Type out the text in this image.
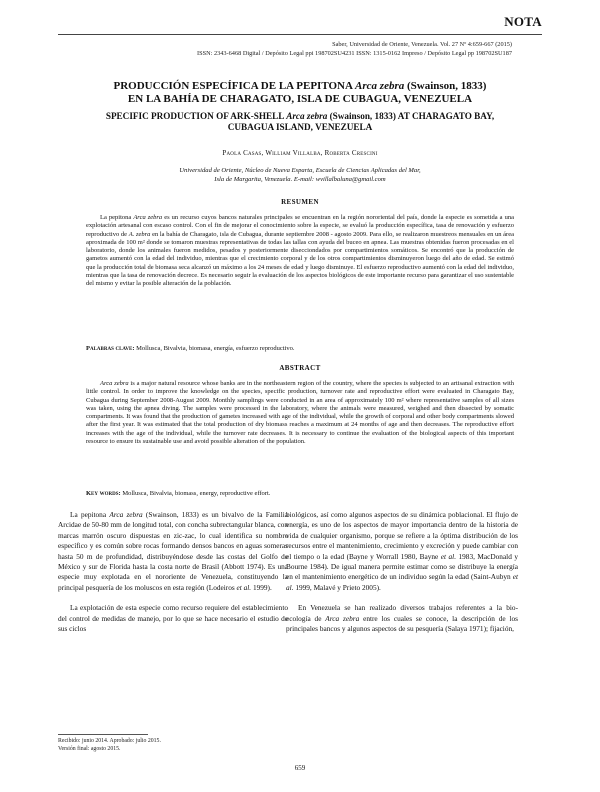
NOTA
Saber, Universidad de Oriente, Venezuela. Vol. 27 Nº 4:659-667 (2015)
ISSN: 2343-6468 Digital / Depósito Legal ppi 198702SU4231 ISSN: 1315-0162 Impreso / Depósito Legal pp 198702SU187
PRODUCCIÓN ESPECÍFICA DE LA PEPITONA Arca zebra (Swainson, 1833)
EN LA BAHÍA DE CHARAGATO, ISLA DE CUBAGUA, VENEZUELA
SPECIFIC PRODUCTION OF ARK-SHELL Arca zebra (Swainson, 1833) AT CHARAGATO BAY, CUBAGUA ISLAND, VENEZUELA
Paola Casas, William Villalba, Roberta Crescini
Universidad de Oriente, Núcleo de Nueva Esparta, Escuela de Ciencias Aplicadas del Mar,
Isla de Margarita, Venezuela. E-mail: wvillalbaluna@gmail.com
RESUMEN
La pepitona Arca zebra es un recurso cuyos bancos naturales principales se encuentran en la región nororiental del país, donde la especie es sometida a una explotación artesanal con escaso control. Con el fin de mejorar el conocimiento sobre la especie, se evaluó la producción específica, tasa de renovación y esfuerzo reproductivo de A. zebra en la bahía de Charagato, isla de Cubagua, durante septiembre 2008 - agosto 2009. Para ello, se realizaron muestreos mensuales en un área aproximada de 100 m² donde se tomaron muestras representativas de todas las tallas con ayuda del buceo en apnea. Las muestras obtenidas fueron procesadas en el laboratorio, donde los animales fueron medidos, pesados y posteriormente disecciondados por compartimientos somáticos. Se encontró que la producción de gametos aumentó con la edad del individuo, mientras que el crecimiento corporal y de los otros compartimientos disminuyeron luego del año de edad. Se estimó que la producción total de biomasa seca alcanzó un máximo a los 24 meses de edad y luego disminuye. El esfuerzo reproductivo aumentó con la edad del individuo, mientras que la tasa de renovación decrece. Es necesario seguir la evaluación de los aspectos biológicos de este importante recurso para garantizar el uso sustentable del mismo y evitar la posible alteración de la población.
Palabras clave: Mollusca, Bivalvia, biomasa, energía, esfuerzo reproductivo.
ABSTRACT
Arca zebra is a major natural resource whose banks are in the northeastern region of the country, where the species is subjected to an artisanal extraction with little control. In order to improve the knowledge on the species, specific production, turnover rate and reproductive effort were evaluated in Charagato Bay, Cubagua during September 2008-August 2009. Monthly samplings were conducted in an area of approximately 100 m² where representative samples of all sizes was taken, using the apnea diving. The samples were processed in the laboratory, where the animals were measured, weighed and then dissected by somatic compartments. It was found that the production of gametes increased with age of the individual, while the growth of corporal and other body compartments slowed after the first year. It was estimated that the total production of dry biomass reaches a maximum at 24 months of age and then decreases. The reproductive effort increases with the age of the individual, while the turnover rate decreases. It is necessary to continue the evaluation of the biological aspects of this important resource to ensure its sustainable use and avoid possible alteration of the population.
Key words: Mollusca, Bivalvia, biomass, energy, reproductive effort.

La pepitona Arca zebra (Swainson, 1833) es un bivalvo de la Familia Arcidae de 50-80 mm de longitud total, con concha subrectangular blanca, con marcas marrón oscuro dispuestas en zic-zac, lo cual identifica su nombre específico y es común sobre rocas formando densos bancos en aguas someras hasta 50 m de profundidad, distribuyéndose desde las costas del Golfo de México y sur de Florida hasta la costa norte de Brasil (Abbott 1974). Es una especie muy explotada en el nororiente de Venezuela, constituyendo la principal pesquería de los moluscos en esta región (Lodeiros et al. 1999).

La explotación de esta especie como recurso requiere del establecimiento del control de medidas de manejo, por lo que se hace necesario el estudio de sus ciclos

biológicos, así como algunos aspectos de su dinámica poblacional. El flujo de energía, es uno de los aspectos de mayor importancia dentro de la historia de vida de cualquier organismo, porque se refiere a la óptima distribución de los recursos entre el mantenimiento, crecimiento y excreción y puede cambiar con el tiempo o la edad (Bayne y Worrall 1980, Bayne et al. 1983, MacDonald y Bourne 1984). De igual manera permite estimar como se distribuye la energía en el mantenimiento energético de un individuo según la edad (Saint-Aubyn et al. 1999, Malavé y Prieto 2005).

En Venezuela se han realizado diversos trabajos referentes a la bio-ecología de Arca zebra entre los cuales se conoce, la descripción de los principales bancos y algunos aspectos de su pesquería (Salaya 1971); fijación,

Recibido: junio 2014. Aprobado: julio 2015.
Versión final: agosto 2015.
659
